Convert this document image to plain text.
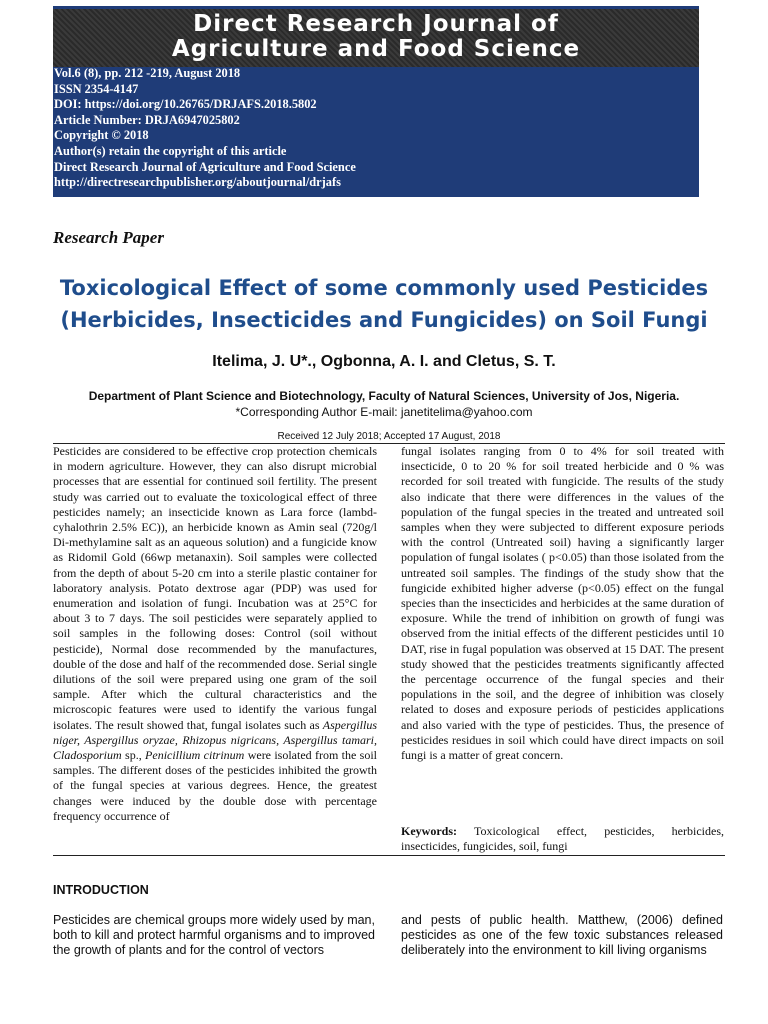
Direct Research Journal of
Agriculture and Food Science
Vol.6 (8), pp. 212 -219, August 2018
ISSN 2354-4147
DOI: https://doi.org/10.26765/DRJAFS.2018.5802
Article Number: DRJA6947025802
Copyright © 2018
Author(s) retain the copyright of this article
Direct Research Journal of Agriculture and Food Science
http://directresearchpublisher.org/aboutjournal/drjafs
Research Paper
Toxicological Effect of some commonly used Pesticides
(Herbicides, Insecticides and Fungicides) on Soil Fungi
Itelima, J. U*., Ogbonna, A. I. and Cletus, S. T.
Department of Plant Science and Biotechnology, Faculty of Natural Sciences, University of Jos, Nigeria.
*Corresponding Author E-mail: janetitelima@yahoo.com
Received 12 July 2018; Accepted 17 August, 2018
Pesticides are considered to be effective crop protection chemicals in modern agriculture. However, they can also disrupt microbial processes that are essential for continued soil fertility. The present study was carried out to evaluate the toxicological effect of three pesticides namely; an insecticide known as Lara force (lambd-cyhalothrin 2.5% EC)), an herbicide known as Amin seal (720g/l Di-methylamine salt as an aqueous solution) and a fungicide know as Ridomil Gold (66wp metanaxin). Soil samples were collected from the depth of about 5-20 cm into a sterile plastic container for laboratory analysis. Potato dextrose agar (PDP) was used for enumeration and isolation of fungi. Incubation was at 25°C for about 3 to 7 days. The soil pesticides were separately applied to soil samples in the following doses: Control (soil without pesticide), Normal dose recommended by the manufactures, double of the dose and half of the recommended dose. Serial single dilutions of the soil were prepared using one gram of the soil sample. After which the cultural characteristics and the microscopic features were used to identify the various fungal isolates. The result showed that, fungal isolates such as Aspergillus niger, Aspergillus oryzae, Rhizopus nigricans, Aspergillus tamari, Cladosporium sp., Penicillium citrinum were isolated from the soil samples. The different doses of the pesticides inhibited the growth of the fungal species at various degrees. Hence, the greatest changes were induced by the double dose with percentage frequency occurrence of
fungal isolates ranging from 0 to 4% for soil treated with insecticide, 0 to 20 % for soil treated herbicide and 0 % was recorded for soil treated with fungicide. The results of the study also indicate that there were differences in the values of the population of the fungal species in the treated and untreated soil samples when they were subjected to different exposure periods with the control (Untreated soil) having a significantly larger population of fungal isolates ( p<0.05) than those isolated from the untreated soil samples. The findings of the study show that the fungicide exhibited higher adverse (p<0.05) effect on the fungal species than the insecticides and herbicides at the same duration of exposure. While the trend of inhibition on growth of fungi was observed from the initial effects of the different pesticides until 10 DAT, rise in fugal population was observed at 15 DAT. The present study showed that the pesticides treatments significantly affected the percentage occurrence of the fungal species and their populations in the soil, and the degree of inhibition was closely related to doses and exposure periods of pesticides applications and also varied with the type of pesticides. Thus, the presence of pesticides residues in soil which could have direct impacts on soil fungi is a matter of great concern.
Keywords: Toxicological effect, pesticides, herbicides, insecticides, fungicides, soil, fungi
INTRODUCTION
Pesticides are chemical groups more widely used by man, both to kill and protect harmful organisms and to improved the growth of plants and for the control of vectors
and pests of public health. Matthew, (2006) defined pesticides as one of the few toxic substances released deliberately into the environment to kill living organisms
